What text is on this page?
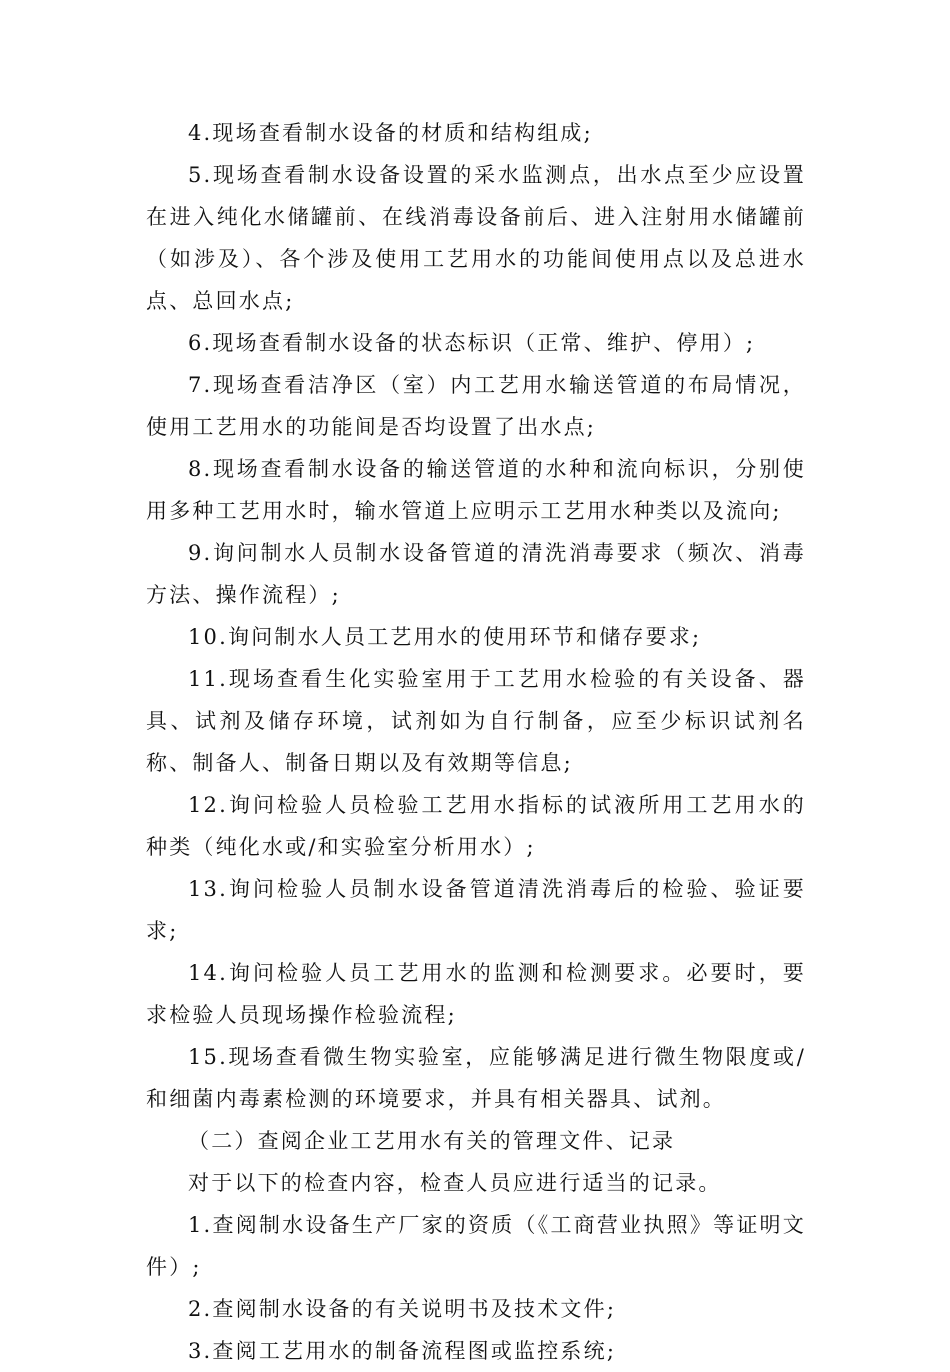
4.现场查看制水设备的材质和结构组成;

5.现场查看制水设备设置的采水监测点，出水点至少应设置在进入纯化水储罐前、在线消毒设备前后、进入注射用水储罐前（如涉及）、各个涉及使用工艺用水的功能间使用点以及总进水点、总回水点;

6.现场查看制水设备的状态标识（正常、维护、停用）;

7.现场查看洁净区（室）内工艺用水输送管道的布局情况，使用工艺用水的功能间是否均设置了出水点;

8.现场查看制水设备的输送管道的水种和流向标识，分别使用多种工艺用水时，输水管道上应明示工艺用水种类以及流向;

9.询问制水人员制水设备管道的清洗消毒要求（频次、消毒方法、操作流程）;

10.询问制水人员工艺用水的使用环节和储存要求;

11.现场查看生化实验室用于工艺用水检验的有关设备、器具、试剂及储存环境，试剂如为自行制备，应至少标识试剂名称、制备人、制备日期以及有效期等信息;

12.询问检验人员检验工艺用水指标的试液所用工艺用水的种类（纯化水或/和实验室分析用水）;

13.询问检验人员制水设备管道清洗消毒后的检验、验证要求;

14.询问检验人员工艺用水的监测和检测要求。必要时，要求检验人员现场操作检验流程;

15.现场查看微生物实验室，应能够满足进行微生物限度或/和细菌内毒素检测的环境要求，并具有相关器具、试剂。

（二）查阅企业工艺用水有关的管理文件、记录

对于以下的检查内容，检查人员应进行适当的记录。

1.查阅制水设备生产厂家的资质（《工商营业执照》等证明文件）;

2.查阅制水设备的有关说明书及技术文件;

3.查阅工艺用水的制备流程图或监控系统;
